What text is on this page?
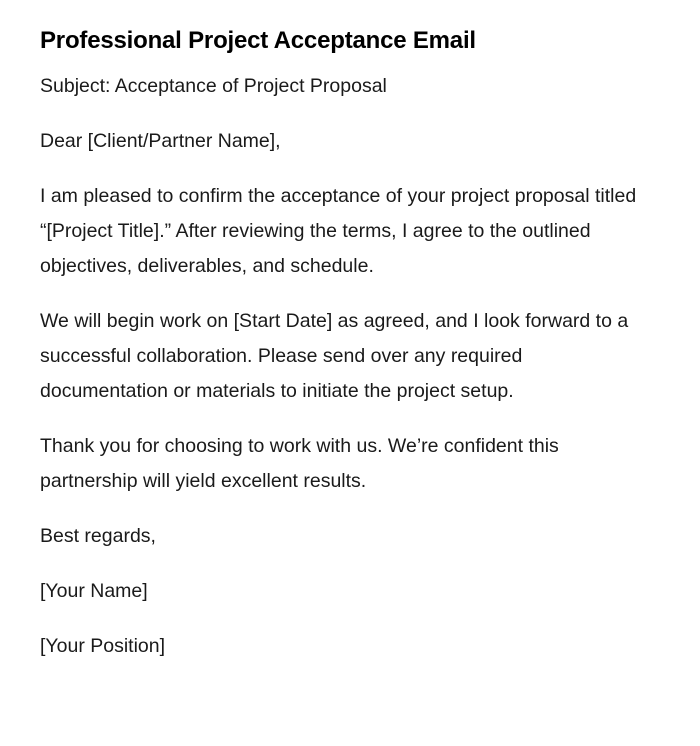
Professional Project Acceptance Email

Subject: Acceptance of Project Proposal

Dear [Client/Partner Name],

I am pleased to confirm the acceptance of your project proposal titled “[Project Title].” After reviewing the terms, I agree to the outlined objectives, deliverables, and schedule.

We will begin work on [Start Date] as agreed, and I look forward to a successful collaboration. Please send over any required documentation or materials to initiate the project setup.

Thank you for choosing to work with us. We’re confident this partnership will yield excellent results.

Best regards,

[Your Name]

[Your Position]
